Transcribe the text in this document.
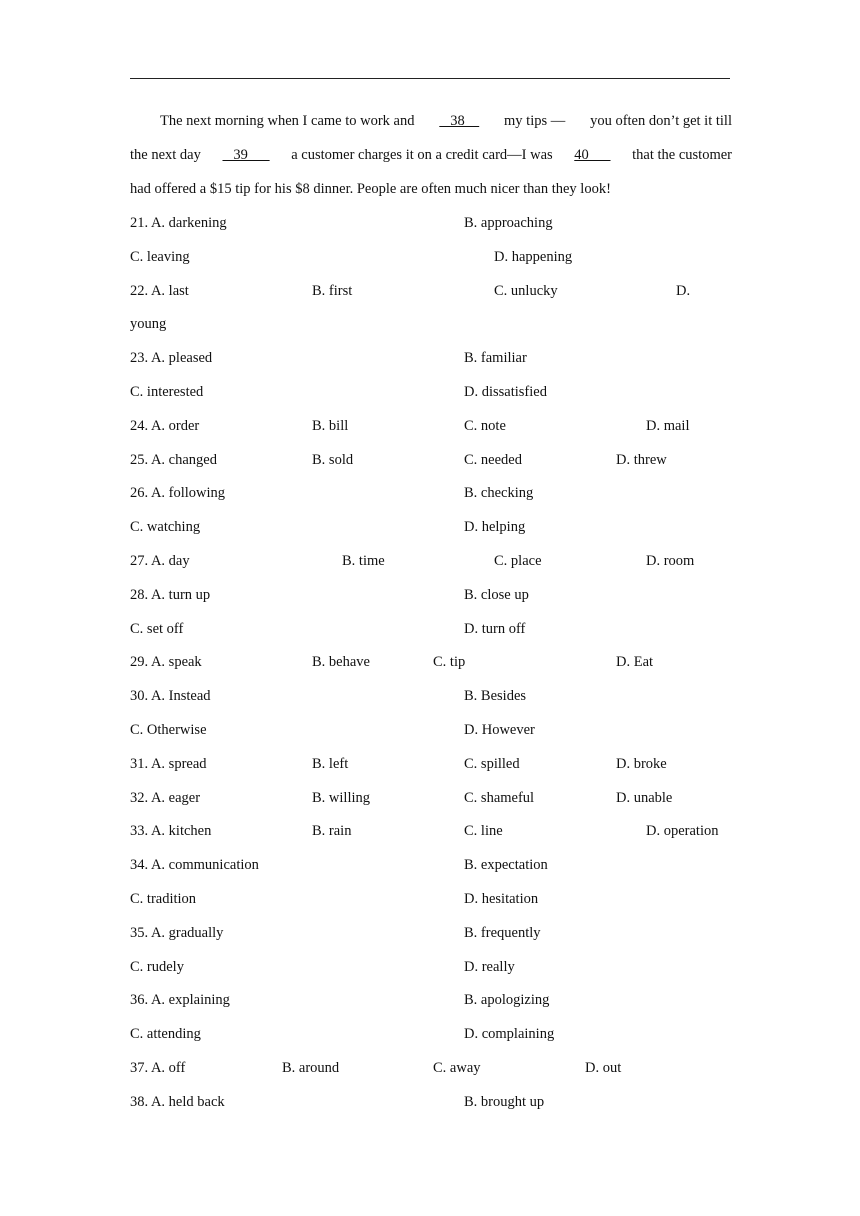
The next morning when I came to work and 38 my tips — you often don’t get it till
the next day 39 a customer charges it on a credit card—I was 40 that the customer
had offered a $15 tip for his $8 dinner. People are often much nicer than they look!
21. A. darkening	B. approaching
C. leaving	D. happening
22. A. last	B. first	C. unlucky	D.
young
23. A. pleased	B. familiar
C. interested	D. dissatisfied
24. A. order	B. bill	C. note	D. mail
25. A. changed	B. sold	C. needed	D. threw
26. A. following	B. checking
C. watching	D. helping
27. A. day	B. time	C. place	D. room
28. A. turn up	B. close up
C. set off	D. turn off
29. A. speak	B. behave	C. tip	D. Eat
30. A. Instead	B. Besides
C. Otherwise	D. However
31. A. spread	B. left	C. spilled	D. broke
32. A. eager	B. willing	C. shameful	D. unable
33. A. kitchen	B. rain	C. line	D. operation
34. A. communication	B. expectation
C. tradition	D. hesitation
35. A. gradually	B. frequently
C. rudely	D. really
36. A. explaining	B. apologizing
C. attending	D. complaining
37. A. off	B. around	C. away	D. out
38. A. held back	B. brought up
